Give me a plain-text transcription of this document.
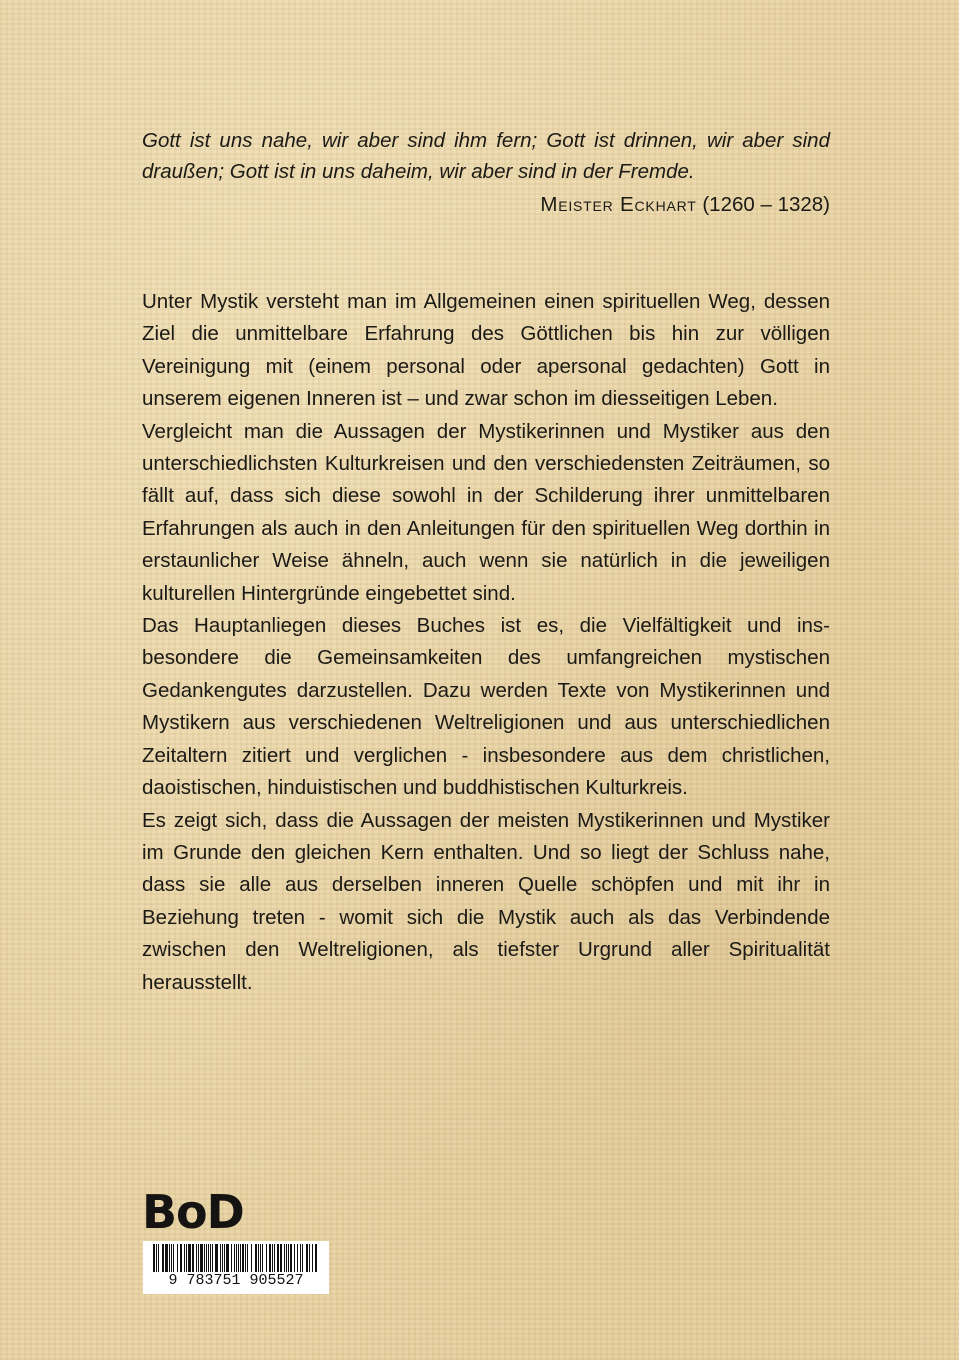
Gott ist uns nahe, wir aber sind ihm fern; Gott ist drinnen, wir aber sind draußen; Gott ist in uns daheim, wir aber sind in der Fremde.
Meister Eckhart (1260 – 1328)

Unter Mystik versteht man im Allgemeinen einen spirituellen Weg, dessen Ziel die unmittelbare Erfahrung des Göttlichen bis hin zur völligen Vereinigung mit (einem personal oder apersonal gedachten) Gott in unserem eigenen Inneren ist – und zwar schon im diesseitigen Leben.

Vergleicht man die Aussagen der Mystikerinnen und Mystiker aus den unterschiedlichsten Kulturkreisen und den verschiedensten Zeiträumen, so fällt auf, dass sich diese sowohl in der Schilderung ihrer unmittelbaren Erfahrungen als auch in den Anleitungen für den spirituellen Weg dorthin in erstaunlicher Weise ähneln, auch wenn sie natürlich in die jeweiligen kulturellen Hintergründe eingebettet sind.

Das Hauptanliegen dieses Buches ist es, die Vielfältigkeit und insbesondere die Gemeinsamkeiten des umfangreichen mystischen Gedankengutes darzustellen. Dazu werden Texte von Mystikerinnen und Mystikern aus verschiedenen Weltreligionen und aus unterschiedlichen Zeitaltern zitiert und verglichen - insbesondere aus dem christlichen, daoistischen, hinduistischen und buddhistischen Kulturkreis.

Es zeigt sich, dass die Aussagen der meisten Mystikerinnen und Mystiker im Grunde den gleichen Kern enthalten. Und so liegt der Schluss nahe, dass sie alle aus derselben inneren Quelle schöpfen und mit ihr in Beziehung treten - womit sich die Mystik auch als das Verbindende zwischen den Weltreligionen, als tiefster Urgrund aller Spiritualität herausstellt.

BoD
9 783751 905527
